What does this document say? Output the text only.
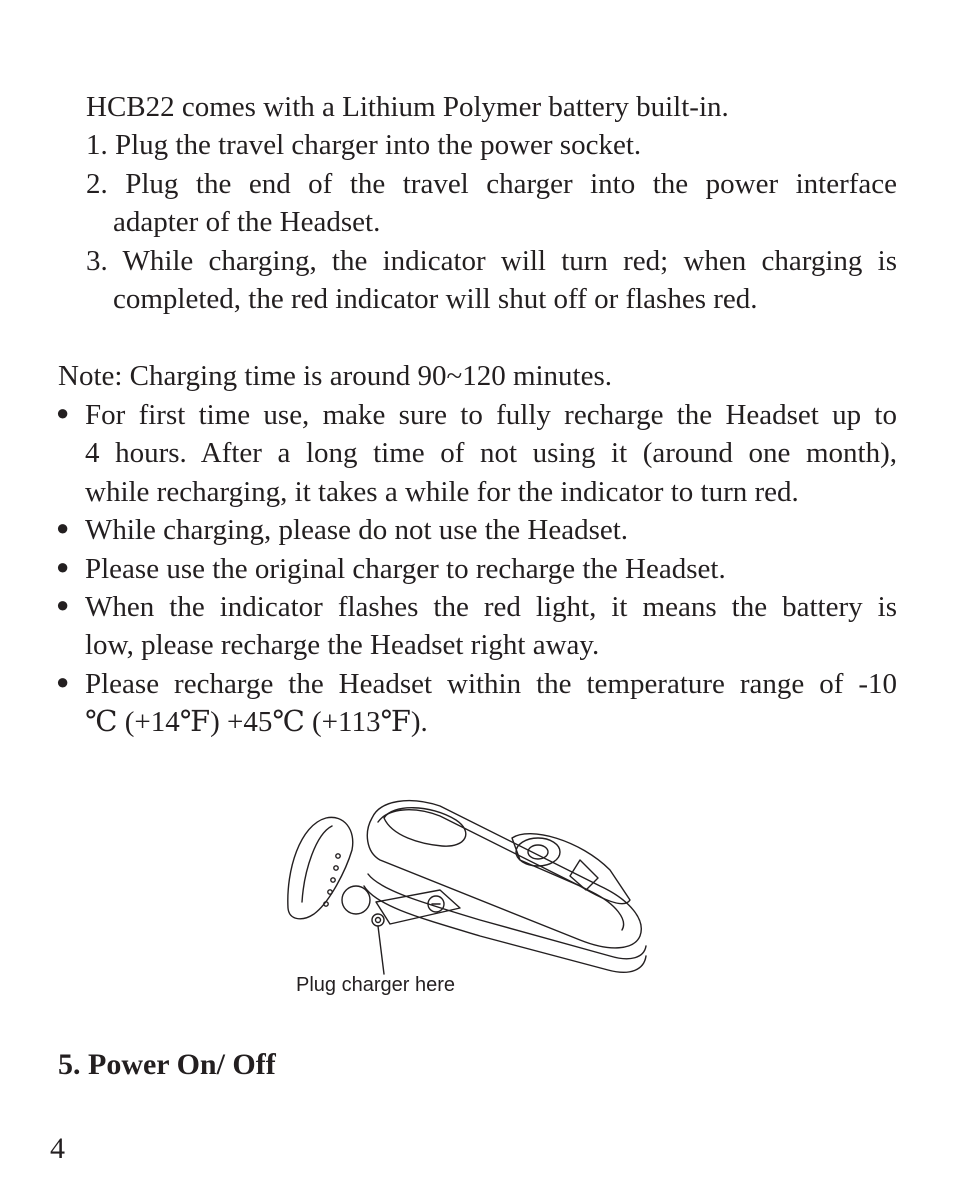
HCB22 comes with a Lithium Polymer battery built-in.
1. Plug the travel charger into the power socket.
2. Plug the end of the travel charger into the power interface
adapter of the Headset.
3. While charging, the indicator will turn red; when charging is
completed, the red indicator will shut off or flashes red.
Note: Charging time is around 90~120 minutes.
● For first time use, make sure to fully recharge the Headset up to
4 hours. After a long time of not using it (around one month),
while recharging, it takes a while for the indicator to turn red.
● While charging, please do not use the Headset.
● Please use the original charger to recharge the Headset.
● When the indicator flashes the red light, it means the battery is
low, please recharge the Headset right away.
● Please recharge the Headset within the temperature range of -10
℃ (+14℉) +45℃ (+113℉).
Plug charger here
5. Power On/ Off
4
